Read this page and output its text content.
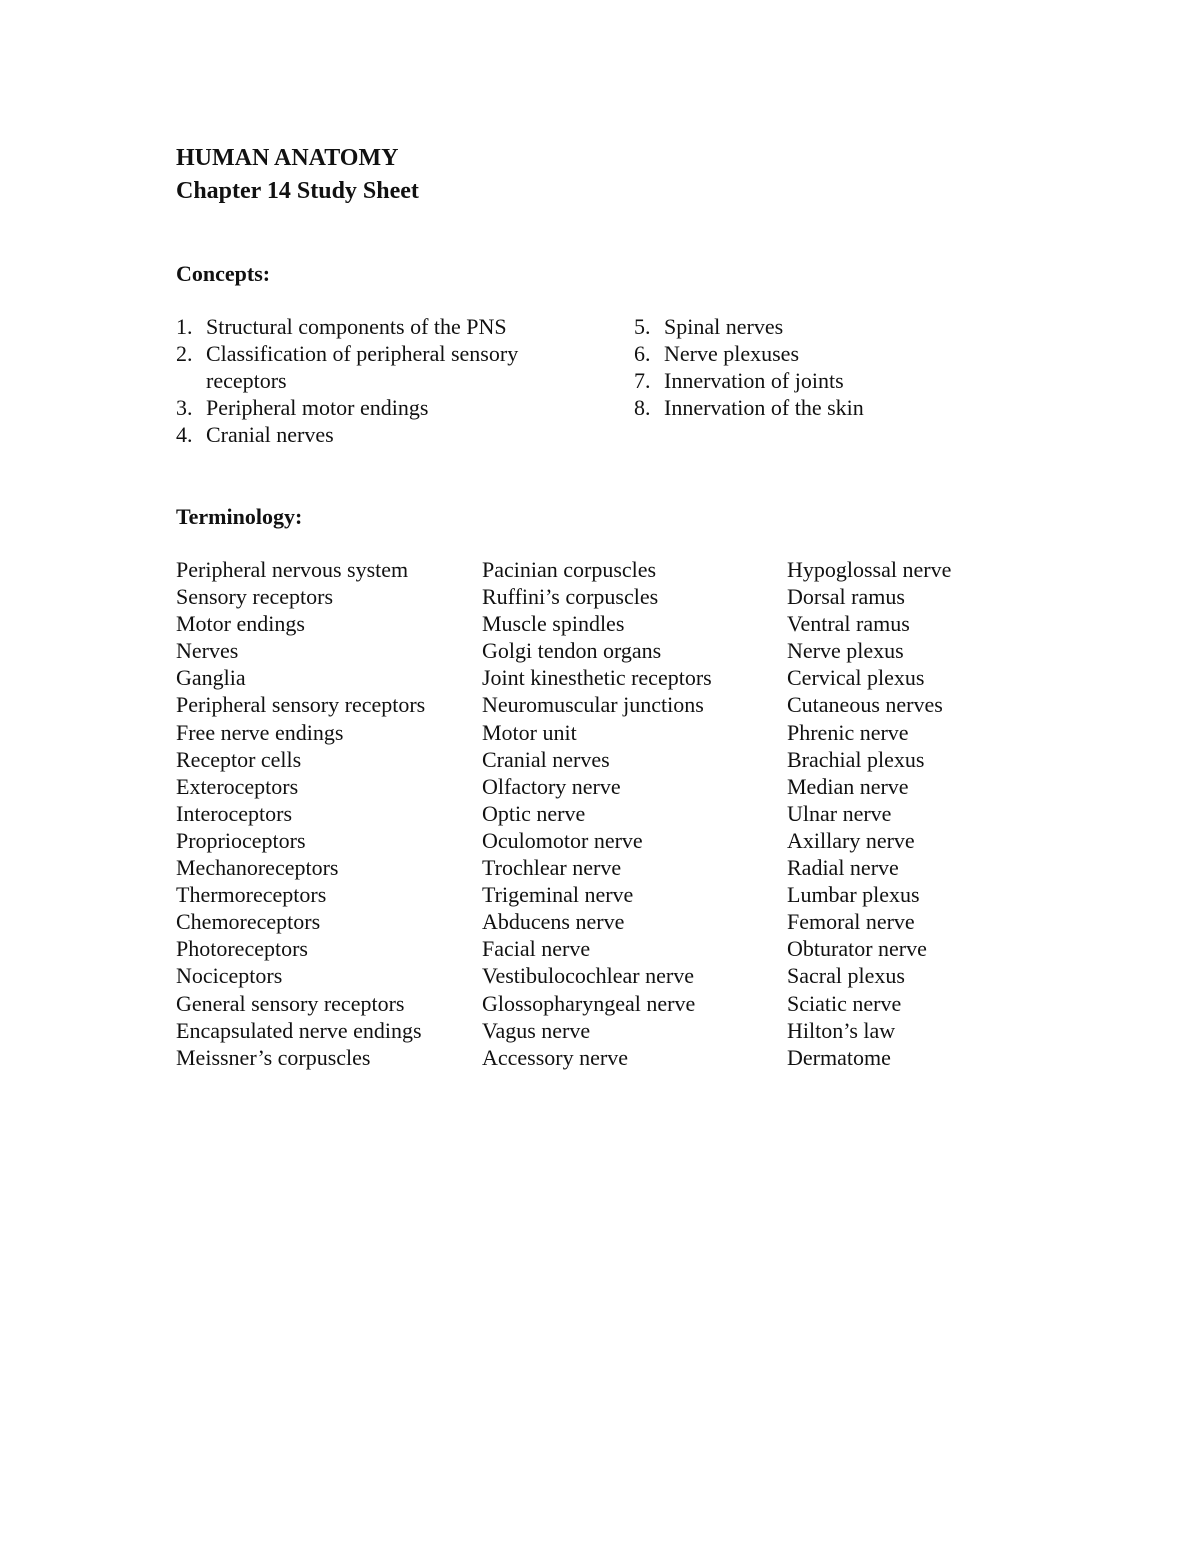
HUMAN ANATOMY
Chapter 14 Study Sheet
Concepts:
1. Structural components of the PNS
2. Classification of peripheral sensory receptors
3. Peripheral motor endings
4. Cranial nerves
5. Spinal nerves
6. Nerve plexuses
7. Innervation of joints
8. Innervation of the skin
Terminology:
Peripheral nervous system
Sensory receptors
Motor endings
Nerves
Ganglia
Peripheral sensory receptors
Free nerve endings
Receptor cells
Exteroceptors
Interoceptors
Proprioceptors
Mechanoreceptors
Thermoreceptors
Chemoreceptors
Photoreceptors
Nociceptors
General sensory receptors
Encapsulated nerve endings
Meissner’s corpuscles
Pacinian corpuscles
Ruffini’s corpuscles
Muscle spindles
Golgi tendon organs
Joint kinesthetic receptors
Neuromuscular junctions
Motor unit
Cranial nerves
Olfactory nerve
Optic nerve
Oculomotor nerve
Trochlear nerve
Trigeminal nerve
Abducens nerve
Facial nerve
Vestibulocochlear nerve
Glossopharyngeal nerve
Vagus nerve
Accessory nerve
Hypoglossal nerve
Dorsal ramus
Ventral ramus
Nerve plexus
Cervical plexus
Cutaneous nerves
Phrenic nerve
Brachial plexus
Median nerve
Ulnar nerve
Axillary nerve
Radial nerve
Lumbar plexus
Femoral nerve
Obturator nerve
Sacral plexus
Sciatic nerve
Hilton’s law
Dermatome
